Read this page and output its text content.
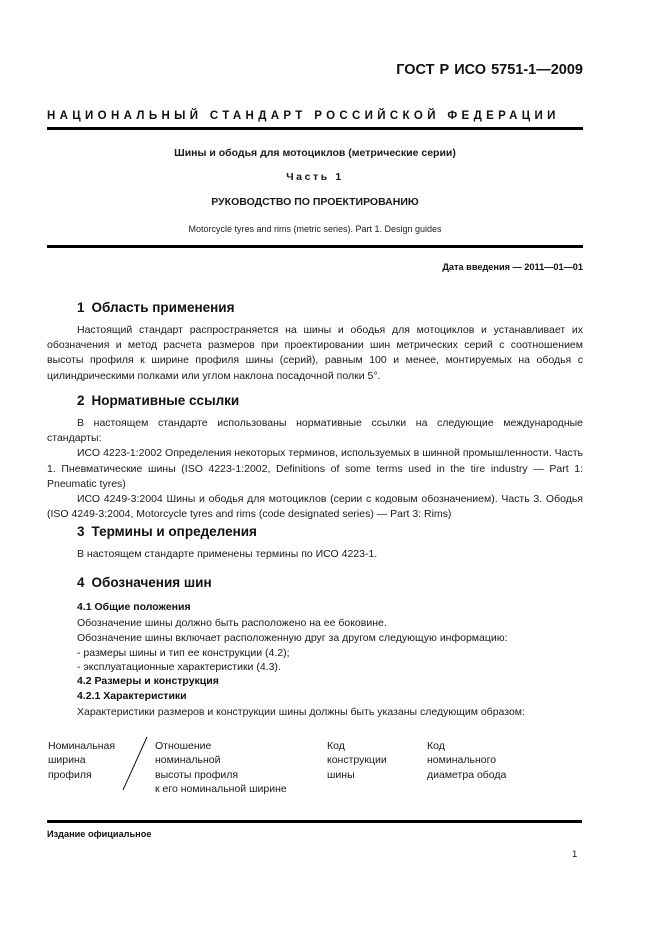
ГОСТ Р ИСО 5751-1—2009
НАЦИОНАЛЬНЫЙ СТАНДАРТ РОССИЙСКОЙ ФЕДЕРАЦИИ
Шины и ободья для мотоциклов (метрические серии)
Часть 1
РУКОВОДСТВО ПО ПРОЕКТИРОВАНИЮ
Motorcycle tyres and rims (metric series). Part 1. Design guides
Дата введения — 2011—01—01
1 Область применения

Настоящий стандарт распространяется на шины и ободья для мотоциклов и устанавливает их обозначения и метод расчета размеров при проектировании шин метрических серий с соотношением высоты профиля к ширине профиля шины (серий), равным 100 и менее, монтируемых на ободья с цилиндрическими полками или углом наклона посадочной полки 5°.

2 Нормативные ссылки

В настоящем стандарте использованы нормативные ссылки на следующие международные стандарты:

ИСО 4223-1:2002 Определения некоторых терминов, используемых в шинной промышленности. Часть 1. Пневматические шины (ISO 4223-1:2002, Definitions of some terms used in the tire industry — Part 1: Pneumatic tyres)

ИСО 4249-3:2004 Шины и ободья для мотоциклов (серии с кодовым обозначением). Часть 3. Ободья (ISO 4249-3:2004, Motorcycle tyres and rims (code designated series) — Part 3: Rims)

3 Термины и определения
В настоящем стандарте применены термины по ИСО 4223-1.
4 Обозначения шин
4.1 Общие положения
Обозначение шины должно быть расположено на ее боковине.
Обозначение шины включает расположенную друг за другом следующую информацию:
- размеры шины и тип ее конструкции (4.2);
- эксплуатационные характеристики (4.3).
4.2 Размеры и конструкция
4.2.1 Характеристики
Характеристики размеров и конструкции шины должны быть указаны следующим образом:
Номинальная
ширина
профиля
Отношение
номинальной
высоты профиля
к его номинальной ширине
Код
конструкции
шины
Код
номинального
диаметра обода
Издание официальное
1
